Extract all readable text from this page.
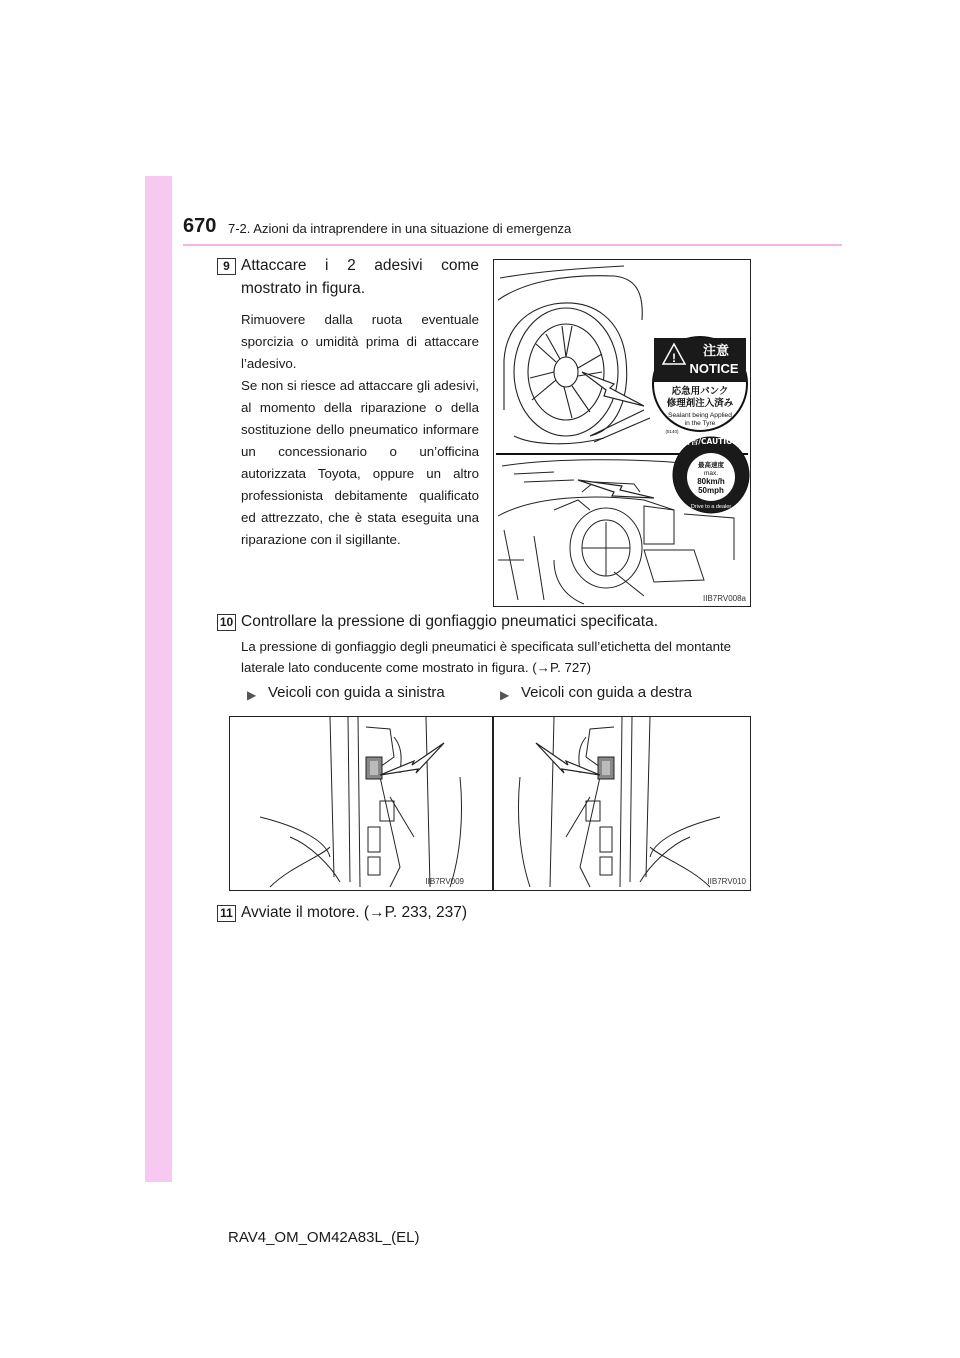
670 7-2. Azioni da intraprendere in una situazione di emergenza
9 Attaccare i 2 adesivi come
mostrato in figura.
Rimuovere dalla ruota eventuale sporcizia o umidità prima di attaccare l’adesivo.
Se non si riesce ad attaccare gli adesivi, al momento della riparazione o della sostituzione dello pneumatico informare un concessionario o un’officina autorizzata Toyota, oppure un altro professionista debitamente qualificato ed attrezzato, che è stata eseguita una riparazione con il sigillante.
! 注意
NOTICE
応急用パンク
修理剤注入済み
Sealant being Applied
in the Tyre
(5140)
警告/CAUTION
最高速度
max.
80km/h
50mph
Drive to a dealer
IIB7RV008a
10 Controllare la pressione di gonfiaggio pneumatici specificata.
La pressione di gonfiaggio degli pneumatici è specificata sull’etichetta del montante
laterale lato conducente come mostrato in figura. (→P. 727)
▶ Veicoli con guida a sinistra	▶ Veicoli con guida a destra
IIB7RV009	IIB7RV010
11 Avviate il motore. (→P. 233, 237)
RAV4_OM_OM42A83L_(EL)
